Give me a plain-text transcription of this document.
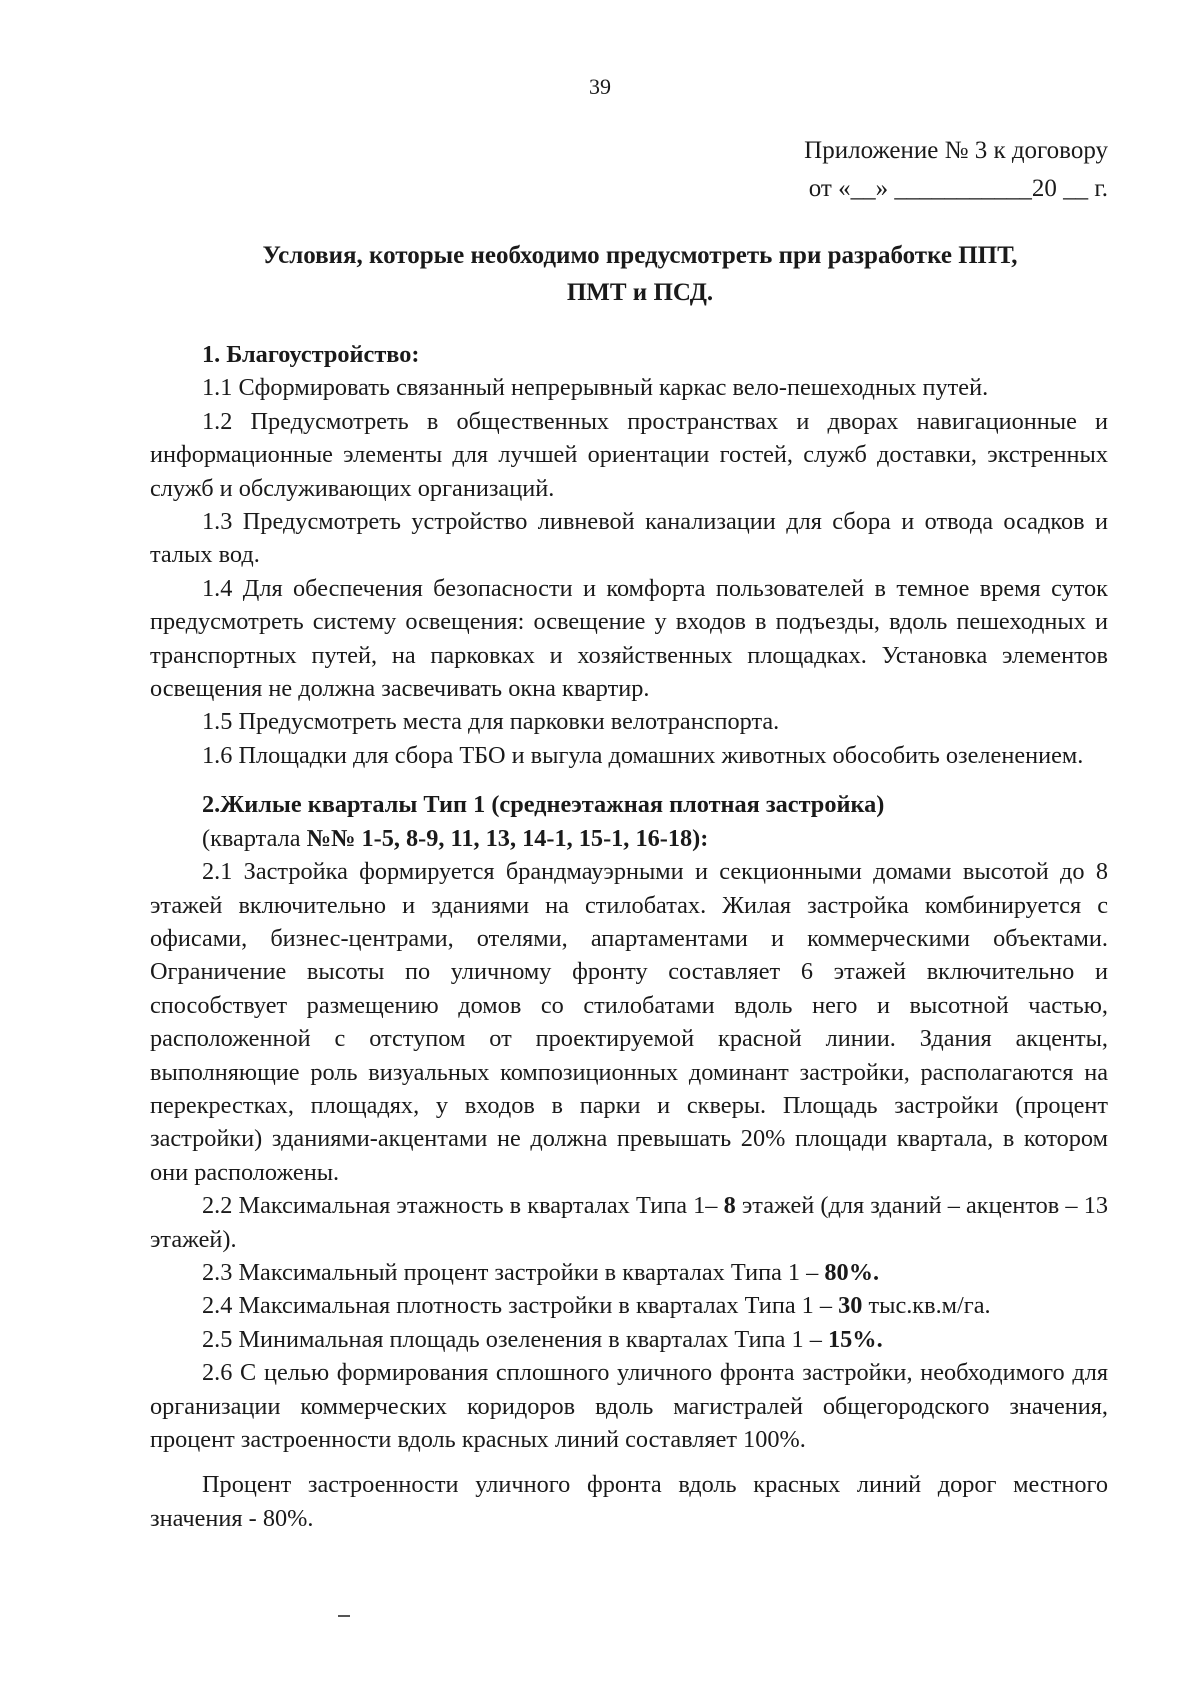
39
Приложение № 3 к договору
от «__» ___________20 __ г.
Условия, которые необходимо предусмотреть при разработке ППТ,
ПМТ и ПСД.

1. Благоустройство:

1.1 Сформировать связанный непрерывный каркас вело-пешеходных путей.

1.2 Предусмотреть в общественных пространствах и дворах навигационные и информационные элементы для лучшей ориентации гостей, служб доставки, экстренных служб и обслуживающих организаций.

1.3 Предусмотреть устройство ливневой канализации для сбора и отвода осадков и талых вод.

1.4 Для обеспечения безопасности и комфорта пользователей в темное время суток предусмотреть систему освещения: освещение у входов в подъезды, вдоль пешеходных и транспортных путей, на парковках и хозяйственных площадках. Установка элементов освещения не должна засвечивать окна квартир.

1.5 Предусмотреть места для парковки велотранспорта.

1.6 Площадки для сбора ТБО и выгула домашних животных обособить озеленением.

2.Жилые кварталы Тип 1 (среднеэтажная плотная застройка)

(квартала №№ 1-5, 8-9, 11, 13, 14-1, 15-1, 16-18):

2.1 Застройка формируется брандмауэрными и секционными домами высотой до 8 этажей включительно и зданиями на стилобатах. Жилая застройка комбинируется с офисами, бизнес-центрами, отелями, апартаментами и коммерческими объектами. Ограничение высоты по уличному фронту составляет 6 этажей включительно и способствует размещению домов со стилобатами вдоль него и высотной частью, расположенной с отступом от проектируемой красной линии. Здания акценты, выполняющие роль визуальных композиционных доминант застройки, располагаются на перекрестках, площадях, у входов в парки и скверы. Площадь застройки (процент застройки) зданиями-акцентами не должна превышать 20% площади квартала, в котором они расположены.

2.2 Максимальная этажность в кварталах Типа 1– 8 этажей (для зданий – акцентов – 13 этажей).

2.3 Максимальный процент застройки в кварталах Типа 1 – 80%.

2.4 Максимальная плотность застройки в кварталах Типа 1 – 30 тыс.кв.м/га.

2.5 Минимальная площадь озеленения в кварталах Типа 1 – 15%.

2.6 С целью формирования сплошного уличного фронта застройки, необходимого для организации коммерческих коридоров вдоль магистралей общегородского значения, процент застроенности вдоль красных линий составляет 100%.

Процент застроенности уличного фронта вдоль красных линий дорог местного значения - 80%.
